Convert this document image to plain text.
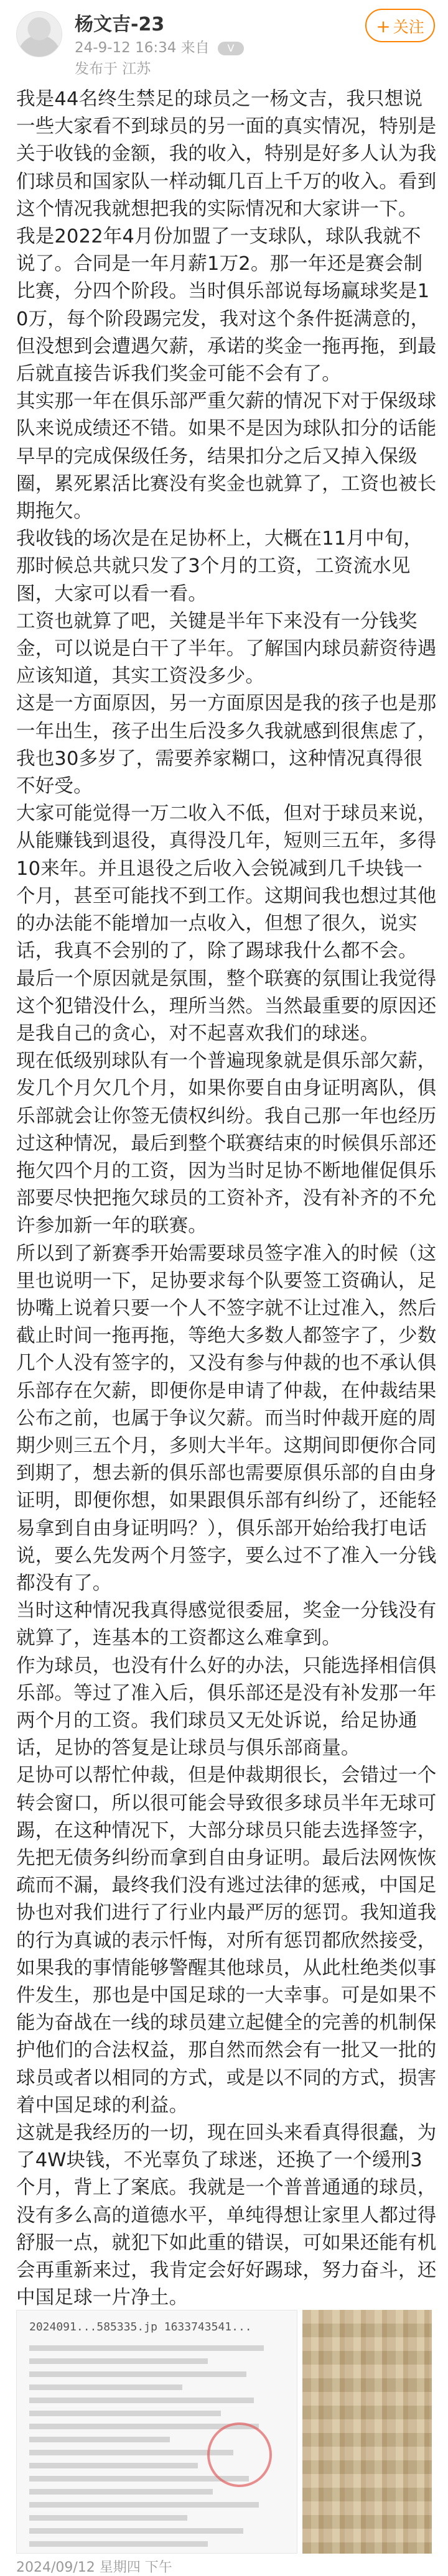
杨文吉-23
24-9-12 16:34 来自 V
发布于 江苏
+ 关注

我是44名终生禁足的球员之一杨文吉，我只想说一些大家看不到球员的另一面的真实情况，特别是关于收钱的金额，我的收入，特别是好多人认为我们球员和国家队一样动辄几百上千万的收入。看到这个情况我就想把我的实际情况和大家讲一下。

我是2022年4月份加盟了一支球队，球队我就不说了。合同是一年月薪1万2。那一年还是赛会制比赛，分四个阶段。当时俱乐部说每场赢球奖是10万，每个阶段踢完发，我对这个条件挺满意的，但没想到会遭遇欠薪，承诺的奖金一拖再拖，到最后就直接告诉我们奖金可能不会有了。

其实那一年在俱乐部严重欠薪的情况下对于保级球队来说成绩还不错。如果不是因为球队扣分的话能早早的完成保级任务，结果扣分之后又掉入保级圈，累死累活比赛没有奖金也就算了，工资也被长期拖欠。

我收钱的场次是在足协杯上，大概在11月中旬，那时候总共就只发了3个月的工资，工资流水见图，大家可以看一看。

工资也就算了吧，关键是半年下来没有一分钱奖金，可以说是白干了半年。了解国内球员薪资待遇应该知道，其实工资没多少。

这是一方面原因，另一方面原因是我的孩子也是那一年出生，孩子出生后没多久我就感到很焦虑了，我也30多岁了，需要养家糊口，这种情况真得很不好受。

大家可能觉得一万二收入不低，但对于球员来说，从能赚钱到退役，真得没几年，短则三五年，多得10来年。并且退役之后收入会锐减到几千块钱一个月，甚至可能找不到工作。这期间我也想过其他的办法能不能增加一点收入，但想了很久，说实话，我真不会别的了，除了踢球我什么都不会。

最后一个原因就是氛围，整个联赛的氛围让我觉得这个犯错没什么，理所当然。当然最重要的原因还是我自己的贪心，对不起喜欢我们的球迷。

现在低级别球队有一个普遍现象就是俱乐部欠薪，发几个月欠几个月，如果你要自由身证明离队，俱乐部就会让你签无债权纠纷。我自己那一年也经历过这种情况，最后到整个联赛结束的时候俱乐部还拖欠四个月的工资，因为当时足协不断地催促俱乐部要尽快把拖欠球员的工资补齐，没有补齐的不允许参加新一年的联赛。

所以到了新赛季开始需要球员签字准入的时候（这里也说明一下，足协要求每个队要签工资确认，足协嘴上说着只要一个人不签字就不让过准入，然后截止时间一拖再拖，等绝大多数人都签字了，少数几个人没有签字的，又没有参与仲裁的也不承认俱乐部存在欠薪，即便你是申请了仲裁，在仲裁结果公布之前，也属于争议欠薪。而当时仲裁开庭的周期少则三五个月，多则大半年。这期间即便你合同到期了，想去新的俱乐部也需要原俱乐部的自由身证明，即便你想，如果跟俱乐部有纠纷了，还能轻易拿到自由身证明吗？），俱乐部开始给我打电话说，要么先发两个月签字，要么过不了准入一分钱都没有了。

当时这种情况我真得感觉很委屈，奖金一分钱没有就算了，连基本的工资都这么难拿到。

作为球员，也没有什么好的办法，只能选择相信俱乐部。等过了准入后，俱乐部还是没有补发那一年两个月的工资。我们球员又无处诉说，给足协通话，足协的答复是让球员与俱乐部商量。

足协可以帮忙仲裁，但是仲裁期很长，会错过一个转会窗口，所以很可能会导致很多球员半年无球可踢，在这种情况下，大部分球员只能去选择签字，先把无债务纠纷而拿到自由身证明。最后法网恢恢疏而不漏，最终我们没有逃过法律的惩戒，中国足协也对我们进行了行业内最严厉的惩罚。我知道我的行为真诚的表示忏悔，对所有惩罚都欣然接受，如果我的事情能够警醒其他球员，从此杜绝类似事件发生，那也是中国足球的一大幸事。可是如果不能为奋战在一线的球员建立起健全的完善的机制保护他们的合法权益，那自然而然会有一批又一批的球员或者以相同的方式，或是以不同的方式，损害着中国足球的利益。

这就是我经历的一切，现在回头来看真得很蠢，为了4W块钱，不光辜负了球迷，还换了一个缓刑3个月，背上了案底。我就是一个普普通通的球员，没有多么高的道德水平，单纯得想让家里人都过得舒服一点，就犯下如此重的错误，可如果还能有机会再重新来过，我肯定会好好踢球，努力奋斗，还中国足球一片净土。

2024091...585335.jp 1633743541...
2024/09/12 星期四 下午
